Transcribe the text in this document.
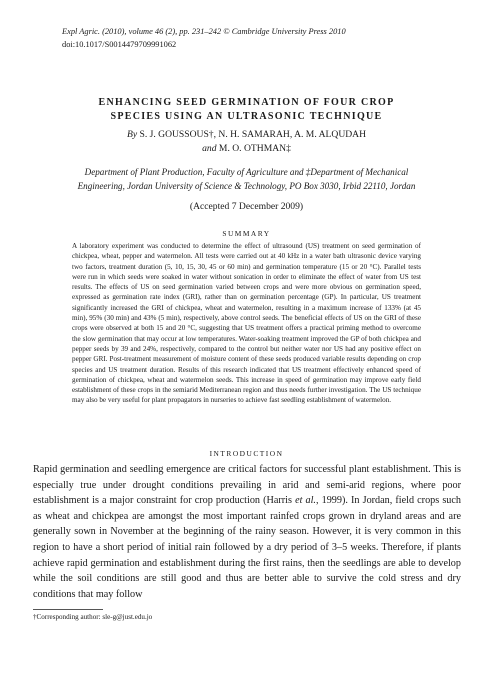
Expl Agric. (2010), volume 46 (2), pp. 231–242 © Cambridge University Press 2010
doi:10.1017/S0014479709991062
ENHANCING SEED GERMINATION OF FOUR CROP
SPECIES USING AN ULTRASONIC TECHNIQUE
By S. J. GOUSSOUS†, N. H. SAMARAH, A. M. ALQUDAH
and M. O. OTHMAN‡
Department of Plant Production, Faculty of Agriculture and ‡Department of Mechanical
Engineering, Jordan University of Science & Technology, PO Box 3030, Irbid 22110, Jordan
(Accepted 7 December 2009)
SUMMARY
A laboratory experiment was conducted to determine the effect of ultrasound (US) treatment on seed germination of chickpea, wheat, pepper and watermelon. All tests were carried out at 40 kHz in a water bath ultrasonic device varying two factors, treatment duration (5, 10, 15, 30, 45 or 60 min) and germination temperature (15 or 20 °C). Parallel tests were run in which seeds were soaked in water without sonication in order to eliminate the effect of water from US test results. The effects of US on seed germination varied between crops and were more obvious on germination speed, expressed as germination rate index (GRI), rather than on germination percentage (GP). In particular, US treatment significantly increased the GRI of chickpea, wheat and watermelon, resulting in a maximum increase of 133% (at 45 min), 95% (30 min) and 43% (5 min), respectively, above control seeds. The beneficial effects of US on the GRI of these crops were observed at both 15 and 20 °C, suggesting that US treatment offers a practical priming method to overcome the slow germination that may occur at low temperatures. Water-soaking treatment improved the GP of both chickpea and pepper seeds by 39 and 24%, respectively, compared to the control but neither water nor US had any positive effect on pepper GRI. Post-treatment measurement of moisture content of these seeds produced variable results depending on crop species and US treatment duration. Results of this research indicated that US treatment effectively enhanced speed of germination of chickpea, wheat and watermelon seeds. This increase in speed of germination may improve early field establishment of these crops in the semiarid Mediterranean region and thus needs further investigation. The US technique may also be very useful for plant propagators in nurseries to achieve fast seedling establishment of watermelon.
INTRODUCTION
Rapid germination and seedling emergence are critical factors for successful plant establishment. This is especially true under drought conditions prevailing in arid and semi-arid regions, where poor establishment is a major constraint for crop production (Harris et al., 1999). In Jordan, field crops such as wheat and chickpea are amongst the most important rainfed crops grown in dryland areas and are generally sown in November at the beginning of the rainy season. However, it is very common in this region to have a short period of initial rain followed by a dry period of 3–5 weeks. Therefore, if plants achieve rapid germination and establishment during the first rains, then the seedlings are able to develop while the soil conditions are still good and thus are better able to survive the cold stress and dry conditions that may follow
†Corresponding author: sle-g@just.edu.jo
